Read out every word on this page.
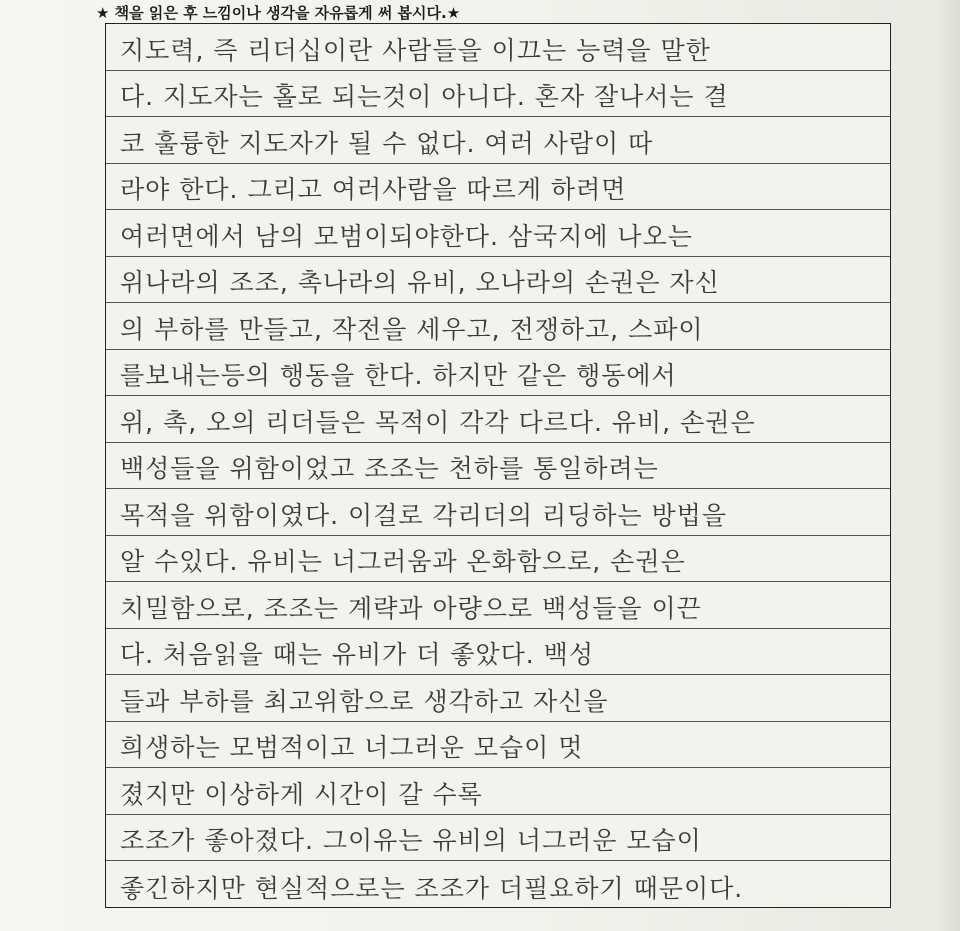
★ 책을 읽은 후 느낌이나 생각을 자유롭게 써 봅시다.★
지도력, 즉 리더십이란 사람들을 이끄는 능력을 말한
다. 지도자는 홀로 되는것이 아니다. 혼자 잘나서는 결
코 훌륭한 지도자가 될 수 없다. 여러 사람이 따
라야 한다. 그리고 여러사람을 따르게 하려면
여러면에서 남의 모범이되야한다. 삼국지에 나오는
위나라의 조조, 촉나라의 유비, 오나라의 손권은 자신
의 부하를 만들고, 작전을 세우고, 전쟁하고, 스파이
를보내는등의 행동을 한다. 하지만 같은 행동에서
위, 촉, 오의 리더들은 목적이 각각 다르다. 유비, 손권은
백성들을 위함이었고 조조는 천하를 통일하려는
목적을 위함이였다. 이걸로 각리더의 리딩하는 방법을
알 수있다. 유비는 너그러움과 온화함으로, 손권은
치밀함으로, 조조는 계략과 아량으로 백성들을 이끈
다. 처음읽을 때는 유비가 더 좋았다. 백성
들과 부하를 최고위함으로 생각하고 자신을
희생하는 모범적이고 너그러운 모습이 멋
졌지만 이상하게 시간이 갈 수록
조조가 좋아졌다. 그이유는 유비의 너그러운 모습이
좋긴하지만 현실적으로는 조조가 더필요하기 때문이다.
